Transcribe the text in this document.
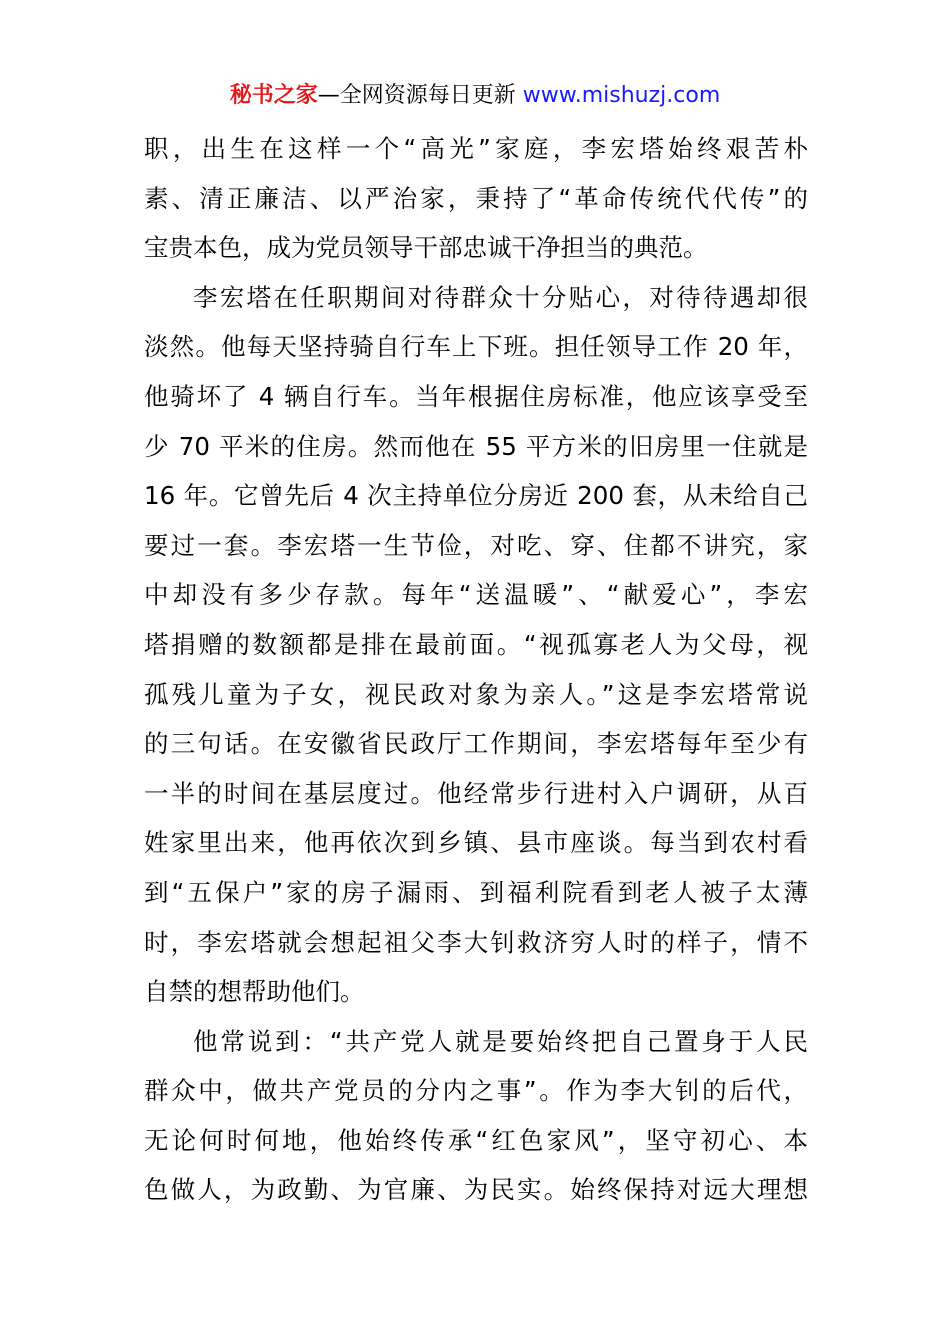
秘书之家—全网资源每日更新 www.mishuzj.com
职，出生在这样一个“高光”家庭，李宏塔始终艰苦朴
素、清正廉洁、以严治家，秉持了“革命传统代代传”的
宝贵本色，成为党员领导干部忠诚干净担当的典范。
李宏塔在任职期间对待群众十分贴心，对待待遇却很
淡然。他每天坚持骑自行车上下班。担任领导工作 20 年，
他骑坏了 4 辆自行车。当年根据住房标准，他应该享受至
少 70 平米的住房。然而他在 55 平方米的旧房里一住就是
16 年。它曾先后 4 次主持单位分房近 200 套，从未给自己
要过一套。李宏塔一生节俭，对吃、穿、住都不讲究，家
中却没有多少存款。每年“送温暖”、“献爱心”，李宏
塔捐赠的数额都是排在最前面。“视孤寡老人为父母，视
孤残儿童为子女，视民政对象为亲人。”这是李宏塔常说
的三句话。在安徽省民政厅工作期间，李宏塔每年至少有
一半的时间在基层度过。他经常步行进村入户调研，从百
姓家里出来，他再依次到乡镇、县市座谈。每当到农村看
到“五保户”家的房子漏雨、到福利院看到老人被子太薄
时，李宏塔就会想起祖父李大钊救济穷人时的样子，情不
自禁的想帮助他们。
他常说到：“共产党人就是要始终把自己置身于人民
群众中，做共产党员的分内之事”。作为李大钊的后代，
无论何时何地，他始终传承“红色家风”，坚守初心、本
色做人，为政勤、为官廉、为民实。始终保持对远大理想
